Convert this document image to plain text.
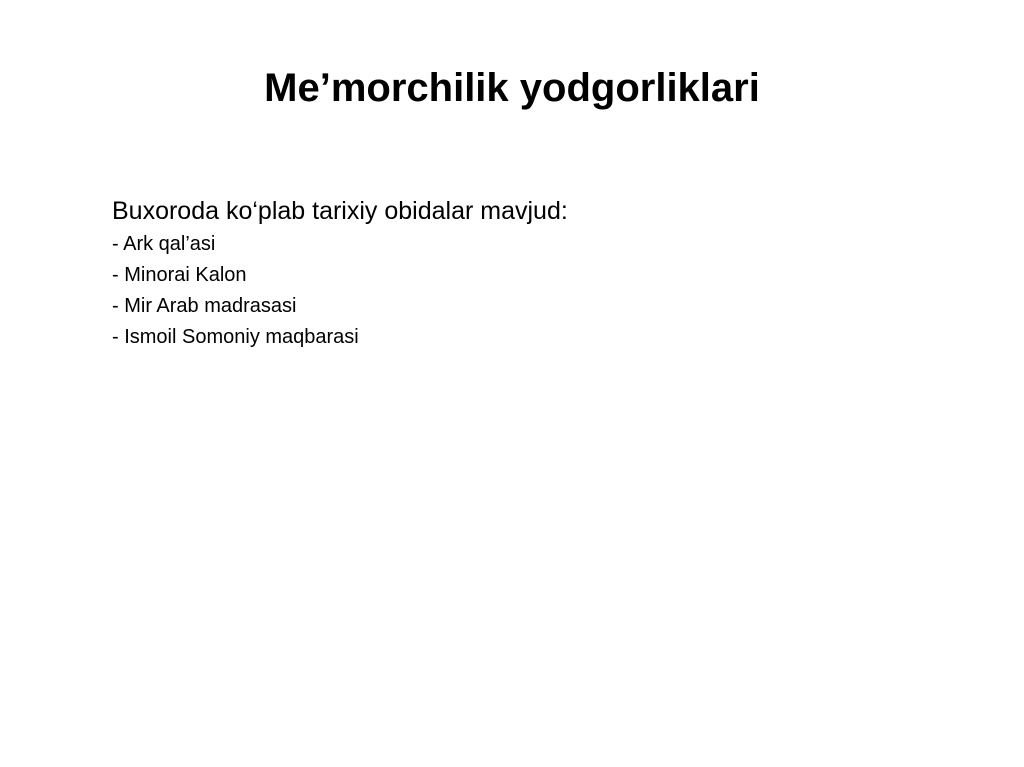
Me’morchilik yodgorliklari

Buxoroda ko‘plab tarixiy obidalar mavjud:

- Ark qal’asi
- Minorai Kalon
- Mir Arab madrasasi
- Ismoil Somoniy maqbarasi
